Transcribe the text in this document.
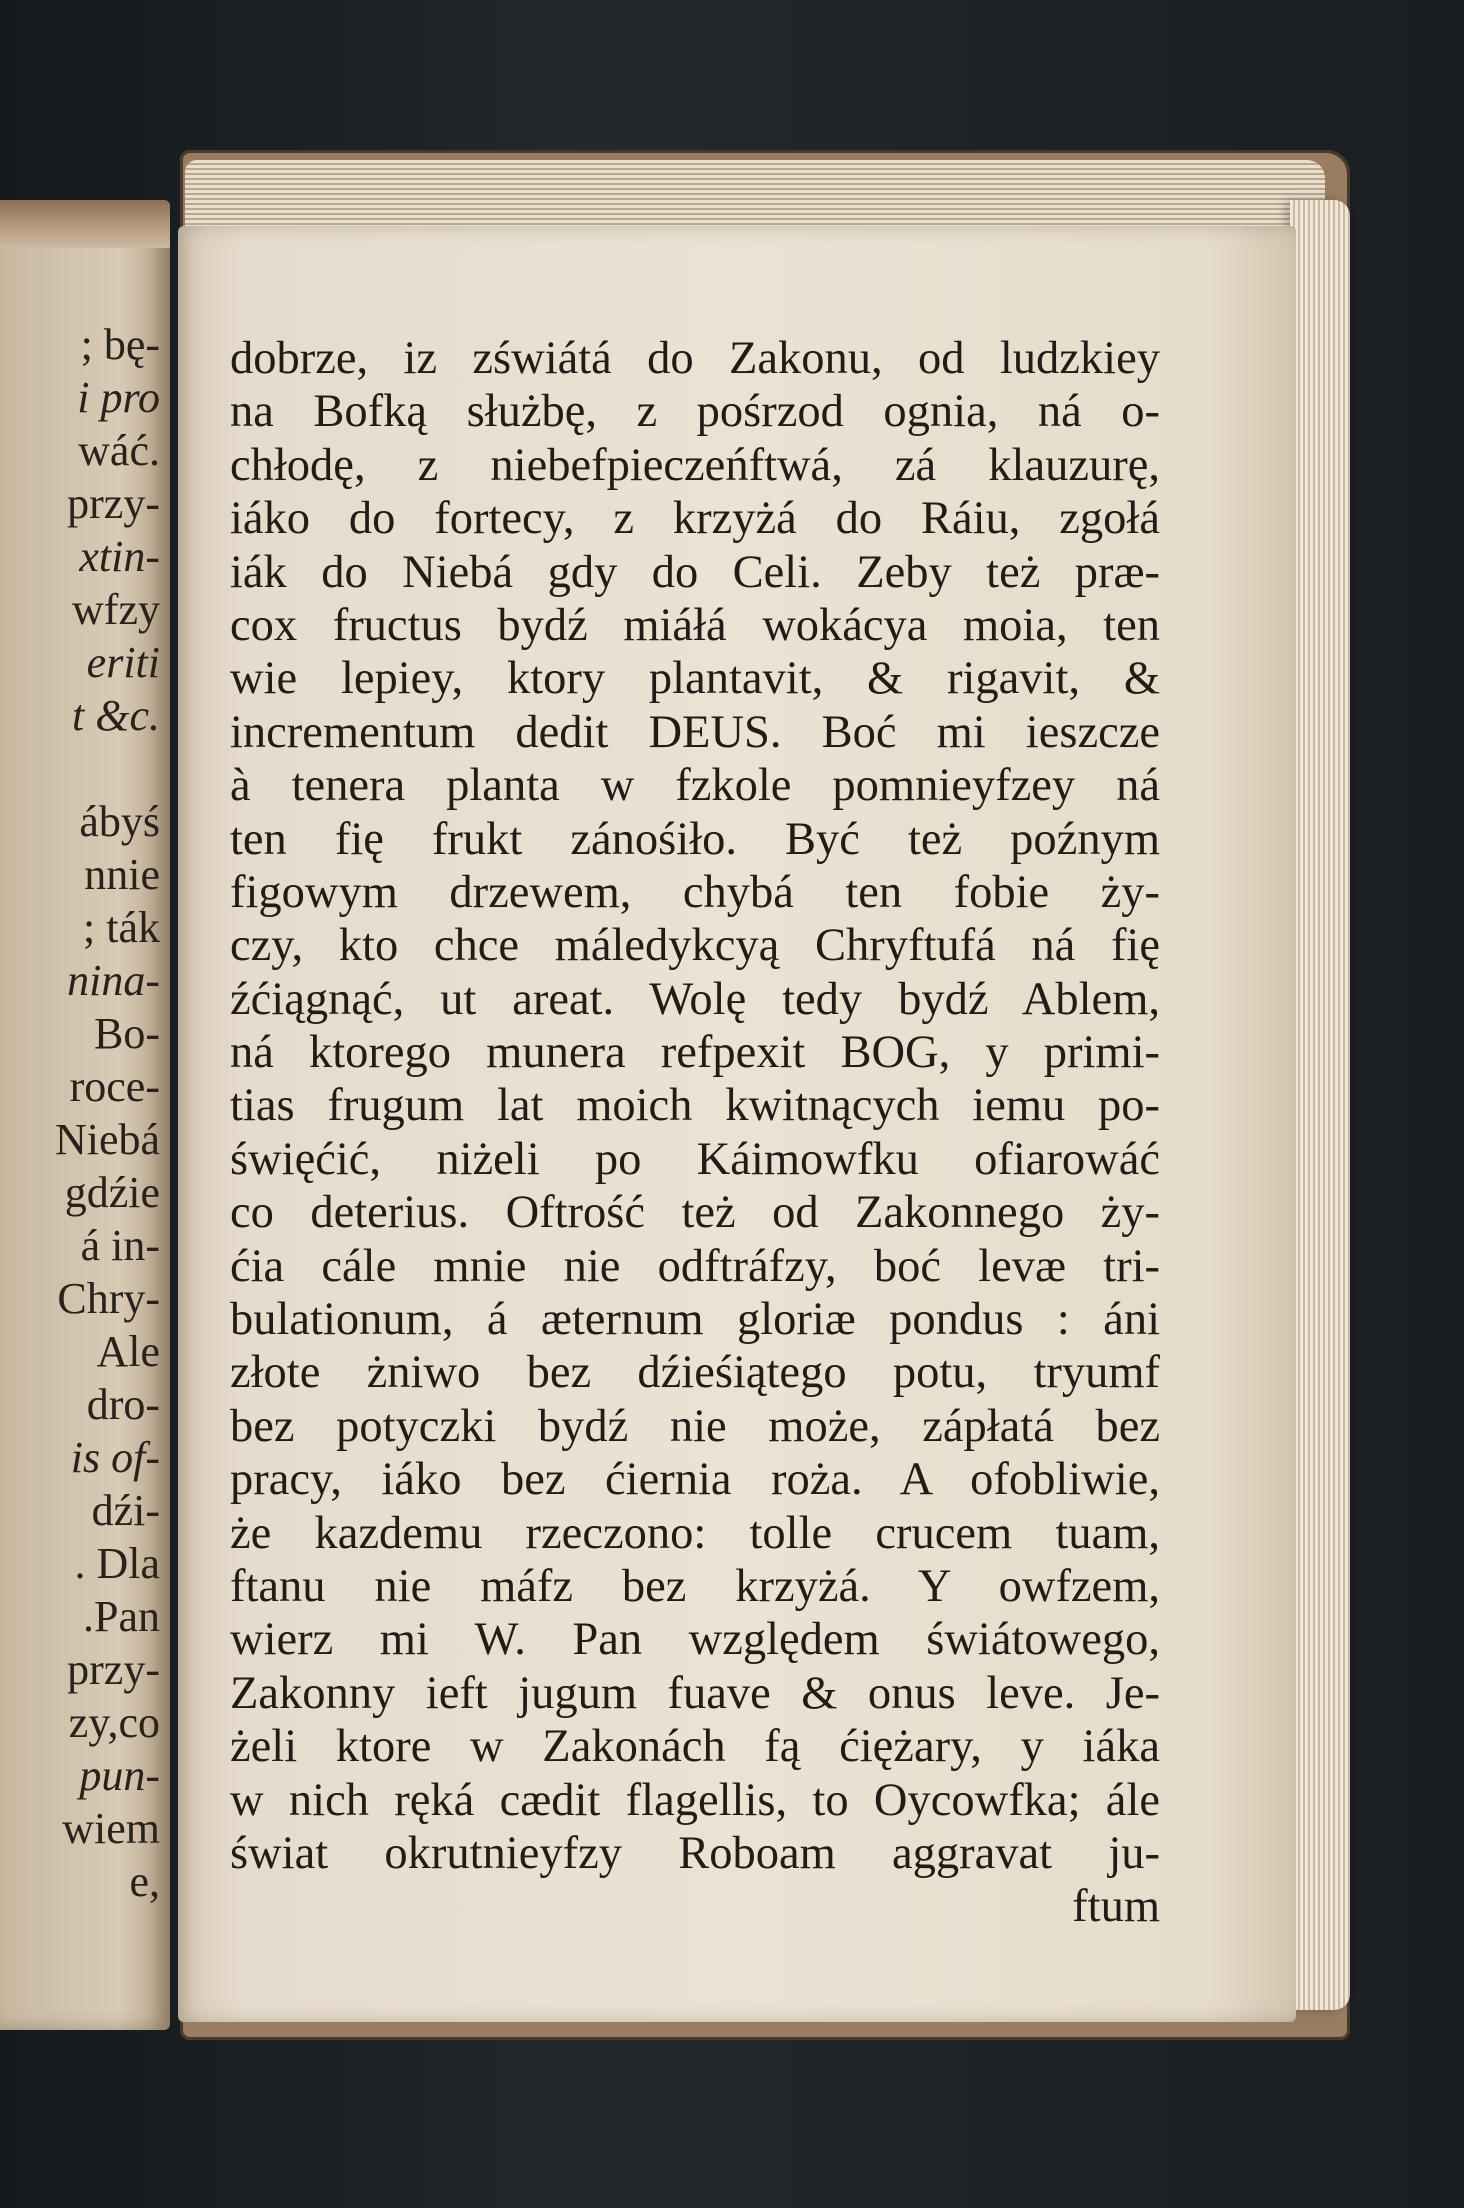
; bę-
i pro
wáć.
przy-
xtin-
wfzy
eriti
t &c.

ábyś
nnie
; ták
nina-
Bo-
roce-
Niebá
gdźie
á in-
Chry-
Ale
dro-
is of-
dźi-
. Dla
.Pan
przy-
zy,co
pun-
wiem
e,
dobrze, iz zświátá do Zakonu, od ludzkiey
na Bofką służbę, z pośrzod ognia, ná o-
chłodę, z niebefpieczeńftwá, zá klauzurę,
iáko do fortecy, z krzyżá do Ráiu, zgołá
iák do Niebá gdy do Celi. Zeby też præ-
cox fructus bydź miáłá wokácya moia, ten
wie lepiey, ktory plantavit, & rigavit, &
incrementum dedit DEUS. Boć mi ieszcze
à tenera planta w fzkole pomnieyfzey ná
ten fię frukt zánośiło. Być też poźnym
figowym drzewem, chybá ten fobie ży-
czy, kto chce máledykcyą Chryftufá ná fię
źćiągnąć, ut areat. Wolę tedy bydź Ablem,
ná ktorego munera refpexit BOG, y primi-
tias frugum lat moich kwitnących iemu po-
święćić, niżeli po Káimowfku ofiarowáć
co deterius. Oftrość też od Zakonnego ży-
ćia cále mnie nie odftráfzy, boć levæ tri-
bulationum, á æternum gloriæ pondus : áni
złote żniwo bez dźieśiątego potu, tryumf
bez potyczki bydź nie może, zápłatá bez
pracy, iáko bez ćiernia roża. A ofobliwie,
że kazdemu rzeczono: tolle crucem tuam,
ftanu nie máfz bez krzyżá. Y owfzem,
wierz mi W. Pan względem świátowego,
Zakonny ieft jugum fuave & onus leve. Je-
żeli ktore w Zakonách fą ćiężary, y iáka
w nich ręká cædit flagellis, to Oycowfka; ále
świat okrutnieyfzy Roboam aggravat ju-
ftum
